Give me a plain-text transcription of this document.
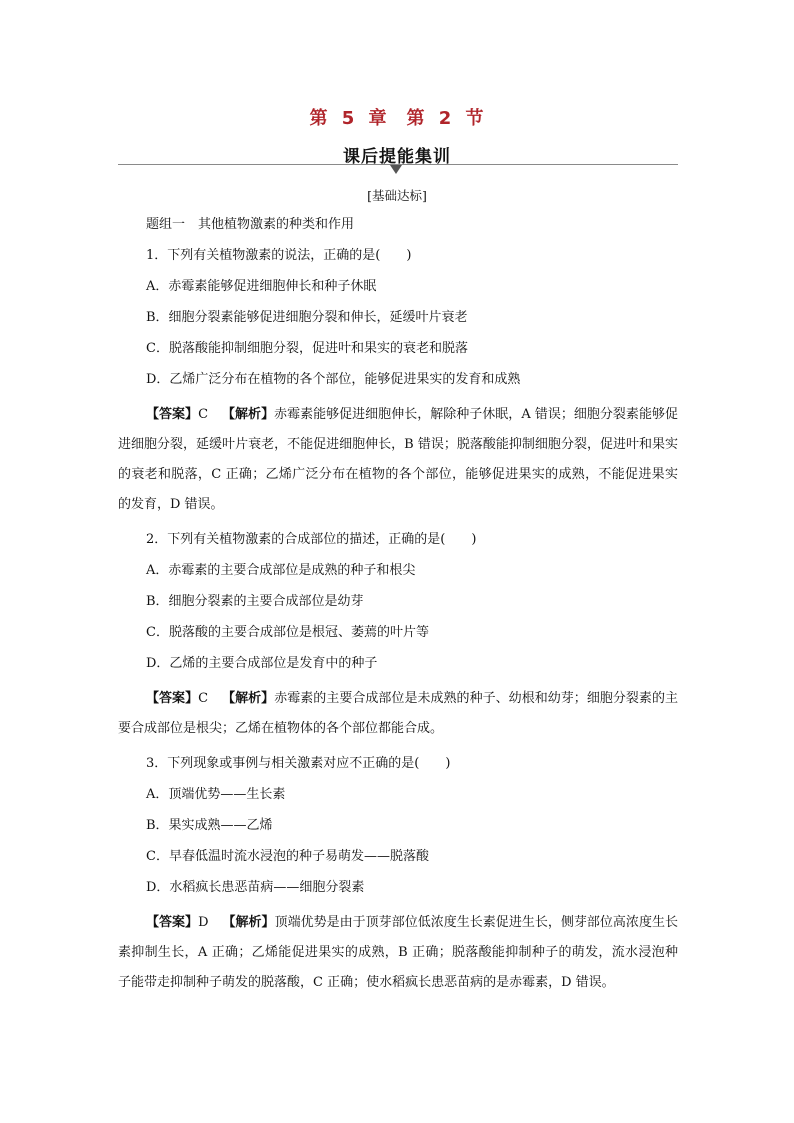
第 5 章　第 2 节
课后提能集训
[基础达标]
题组一　其他植物激素的种类和作用
1．下列有关植物激素的说法，正确的是(　　)
A．赤霉素能够促进细胞伸长和种子休眠
B．细胞分裂素能够促进细胞分裂和伸长，延缓叶片衰老
C．脱落酸能抑制细胞分裂，促进叶和果实的衰老和脱落
D．乙烯广泛分布在植物的各个部位，能够促进果实的发育和成熟
【答案】C 【解析】赤霉素能够促进细胞伸长，解除种子休眠，A 错误；细胞分裂素能够促进细胞分裂，延缓叶片衰老，不能促进细胞伸长，B 错误；脱落酸能抑制细胞分裂，促进叶和果实的衰老和脱落，C 正确；乙烯广泛分布在植物的各个部位，能够促进果实的成熟，不能促进果实的发育，D 错误。
2．下列有关植物激素的合成部位的描述，正确的是(　　)
A．赤霉素的主要合成部位是成熟的种子和根尖
B．细胞分裂素的主要合成部位是幼芽
C．脱落酸的主要合成部位是根冠、萎蔫的叶片等
D．乙烯的主要合成部位是发育中的种子
【答案】C 【解析】赤霉素的主要合成部位是未成熟的种子、幼根和幼芽；细胞分裂素的主要合成部位是根尖；乙烯在植物体的各个部位都能合成。
3．下列现象或事例与相关激素对应不正确的是(　　)
A．顶端优势——生长素
B．果实成熟——乙烯
C．早春低温时流水浸泡的种子易萌发——脱落酸
D．水稻疯长患恶苗病——细胞分裂素
【答案】D 【解析】顶端优势是由于顶芽部位低浓度生长素促进生长，侧芽部位高浓度生长素抑制生长，A 正确；乙烯能促进果实的成熟，B 正确；脱落酸能抑制种子的萌发，流水浸泡种子能带走抑制种子萌发的脱落酸，C 正确；使水稻疯长患恶苗病的是赤霉素，D 错误。
